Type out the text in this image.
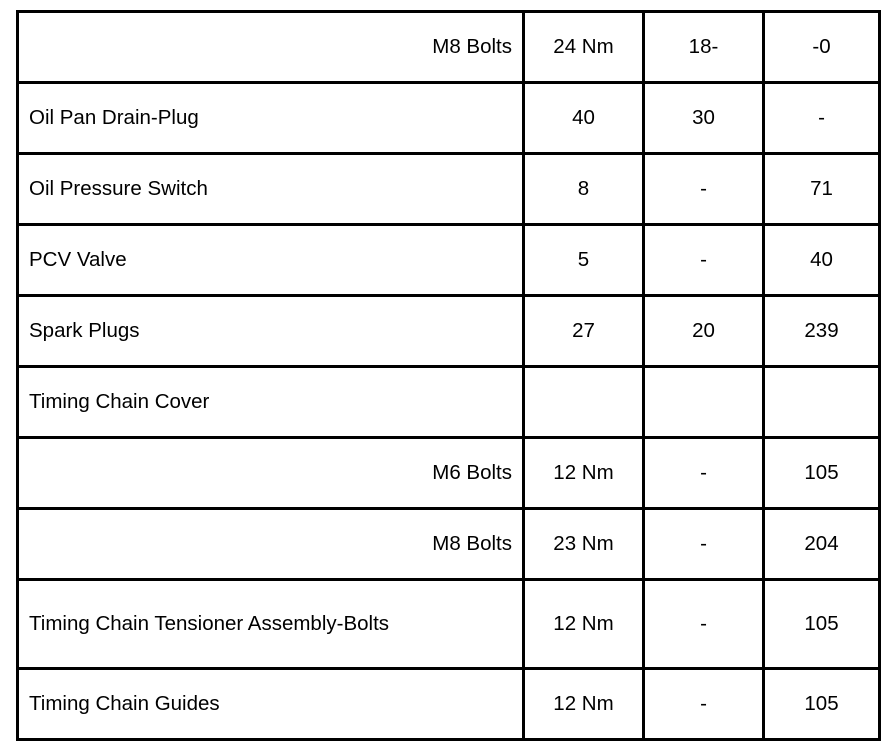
M8 Bolts	24 Nm	18-	-0
Oil Pan Drain-Plug	40	30	-
Oil Pressure Switch	8	-	71
PCV Valve	5	-	40
Spark Plugs	27	20	239
Timing Chain Cover			
M6 Bolts	12 Nm	-	105
M8 Bolts	23 Nm	-	204
Timing Chain Tensioner Assembly-Bolts	12 Nm	-	105
Timing Chain Guides	12 Nm	-	105
